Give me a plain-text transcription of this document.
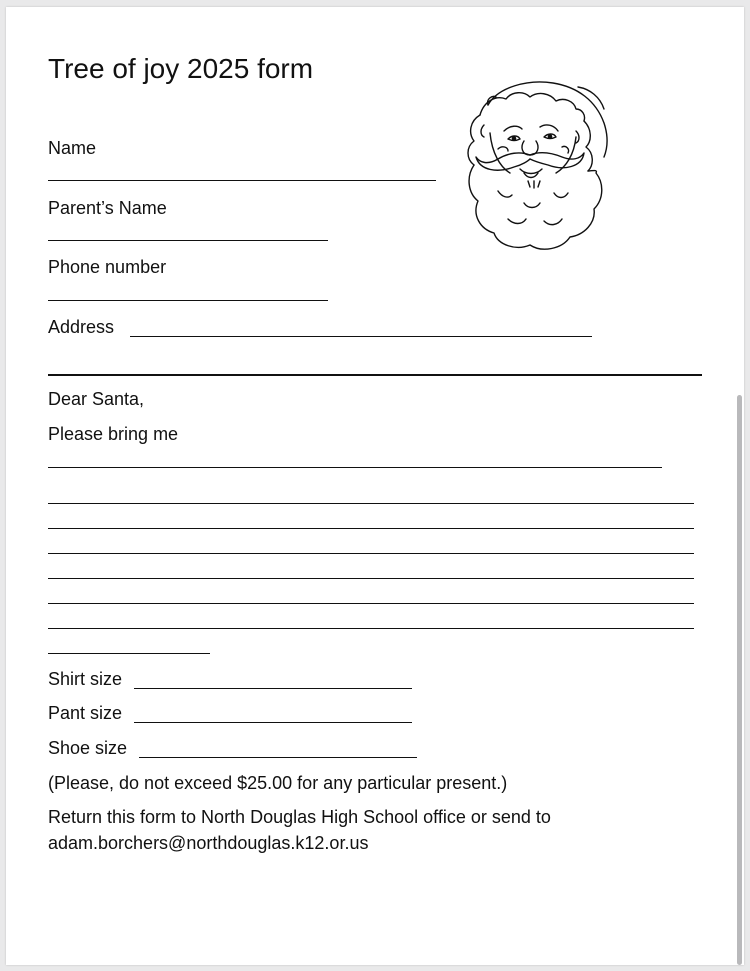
Tree of joy 2025 form
Name
Parent’s Name
Phone number
Address
Dear Santa,
Please bring me
Shirt size
Pant size
Shoe size
(Please, do not exceed $25.00 for any particular present.)
Return this form to North Douglas High School office or send to
adam.borchers@northdouglas.k12.or.us
